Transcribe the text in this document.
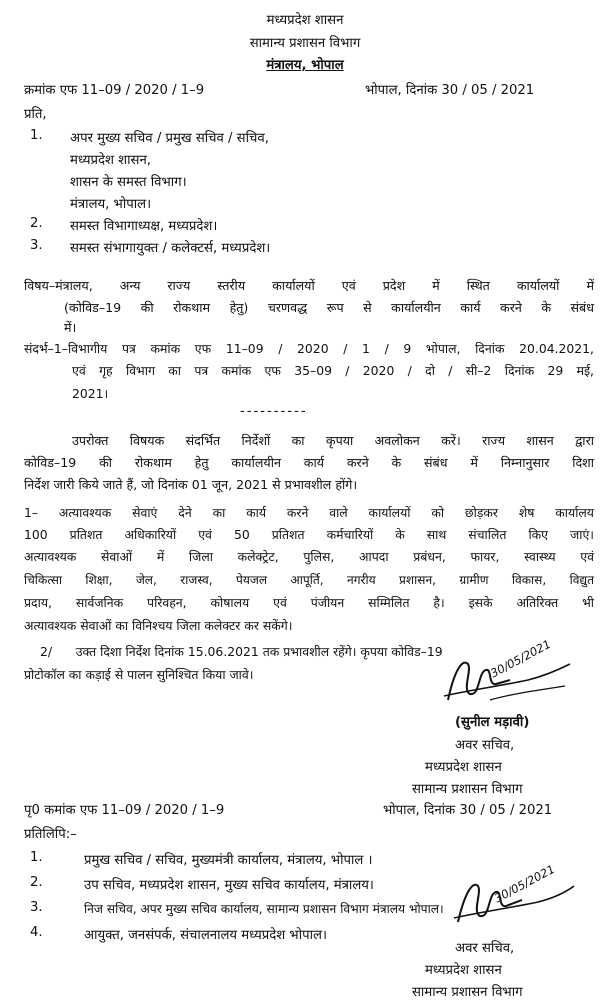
मध्यप्रदेश शासन
सामान्य प्रशासन विभाग
मंत्रालय, भोपाल
क्रमांक एफ 11–09 / 2020 / 1–9	भोपाल, दिनांक 30 / 05 / 2021
प्रति,
1. अपर मुख्य सचिव / प्रमुख सचिव / सचिव,
मध्यप्रदेश शासन,
शासन के समस्त विभाग।
मंत्रालय, भोपाल।
2. समस्त विभागाध्यक्ष, मध्यप्रदेश।
3. समस्त संभागायुक्त / कलेक्टर्स, मध्यप्रदेश।
विषय–मंत्रालय, अन्य राज्य स्तरीय कार्यालयों एवं प्रदेश में स्थित कार्यालयों में
(कोविड–19 की रोकथाम हेतु) चरणवद्ध रूप से कार्यालयीन कार्य करने के संबंध
में।
संदर्भ–1–विभागीय पत्र कमांक एफ 11–09 / 2020 / 1 / 9 भोपाल, दिनांक 20.04.2021,
एवं गृह विभाग का पत्र कमांक एफ 35–09 / 2020 / दो / सी–2 दिनांक 29 मई,
2021।
----------
उपरोक्त विषयक संदर्भित निर्देशों का कृपया अवलोकन करें। राज्य शासन द्वारा
कोविड–19 की रोकथाम हेतु कार्यालयीन कार्य करने के संबंध में निम्नानुसार दिशा
निर्देश जारी किये जाते हैं, जो दिनांक 01 जून, 2021 से प्रभावशील होंगे।
1– अत्यावश्यक सेवाएं देने का कार्य करने वाले कार्यालयों को छोड़कर शेष कार्यालय
100 प्रतिशत अधिकारियों एवं 50 प्रतिशत कर्मचारियों के साथ संचालित किए जाएं।
अत्यावश्यक सेवाओं में जिला कलेक्ट्रेट, पुलिस, आपदा प्रबंधन, फायर, स्वास्थ्य एवं
चिकित्सा शिक्षा, जेल, राजस्व, पेयजल आपूर्ति, नगरीय प्रशासन, ग्रामीण विकास, विद्युत
प्रदाय, सार्वजनिक परिवहन, कोषालय एवं पंजीयन सम्मिलित है। इसके अतिरिक्त भी
अत्यावश्यक सेवाओं का विनिश्चय जिला कलेक्टर कर सकेंगे।
2/      उक्त दिशा निर्देश दिनांक 15.06.2021 तक प्रभावशील रहेंगे। कृपया कोविड–19
प्रोटोकॉल का कड़ाई से पालन सुनिश्चित किया जावे।	30/05/2021
(सुनील मड़ावी)
अवर सचिव,
मध्यप्रदेश शासन
सामान्य प्रशासन विभाग
पृ0 कमांक एफ 11–09 / 2020 / 1–9	भोपाल, दिनांक 30 / 05 / 2021
प्रतिलिपि:–
1.	प्रमुख सचिव / सचिव, मुख्यमंत्री कार्यालय, मंत्रालय, भोपाल ।
2.	उप सचिव, मध्यप्रदेश शासन, मुख्य सचिव कार्यालय, मंत्रालय।
3.	निज सचिव, अपर मुख्य सचिव कार्यालय, सामान्य प्रशासन विभाग मंत्रालय भोपाल।
4.	आयुक्त, जनसंपर्क, संचालनालय मध्यप्रदेश भोपाल।
30/05/2021
अवर सचिव,
मध्यप्रदेश शासन
सामान्य प्रशासन विभाग
